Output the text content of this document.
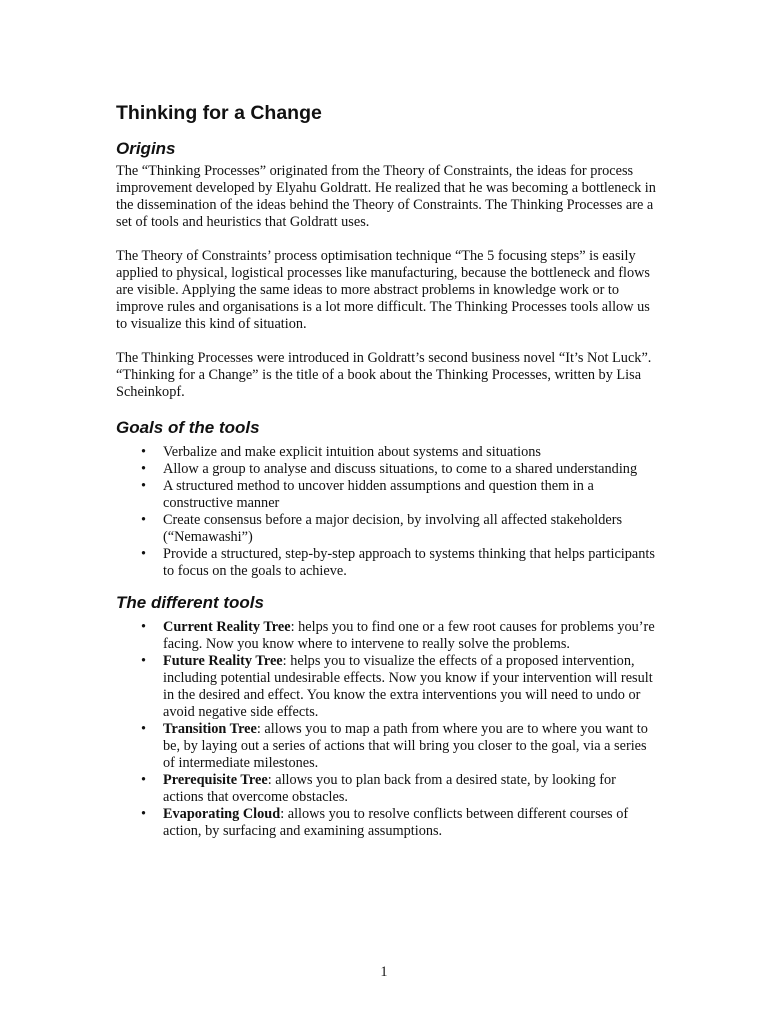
Thinking for a Change
Origins

The “Thinking Processes” originated from the Theory of Constraints, the ideas for process improvement developed by Elyahu Goldratt. He realized that he was becoming a bottleneck in the dissemination of the ideas behind the Theory of Constraints. The Thinking Processes are a set of tools and heuristics that Goldratt uses.

The Theory of Constraints’ process optimisation technique “The 5 focusing steps” is easily applied to physical, logistical processes like manufacturing, because the bottleneck and flows are visible. Applying the same ideas to more abstract problems in knowledge work or to improve rules and organisations is a lot more difficult. The Thinking Processes tools allow us to visualize this kind of situation.

The Thinking Processes were introduced in Goldratt’s second business novel “It’s Not Luck”. “Thinking for a Change” is the title of a book about the Thinking Processes, written by Lisa Scheinkopf.

Goals of the tools
• Verbalize and make explicit intuition about systems and situations
• Allow a group to analyse and discuss situations, to come to a shared understanding
• A structured method to uncover hidden assumptions and question them in a constructive manner
• Create consensus before a major decision, by involving all affected stakeholders (“Nemawashi”)
• Provide a structured, step-by-step approach to systems thinking that helps participants to focus on the goals to achieve.
The different tools
• Current Reality Tree: helps you to find one or a few root causes for problems you’re facing. Now you know where to intervene to really solve the problems.
• Future Reality Tree: helps you to visualize the effects of a proposed intervention, including potential undesirable effects. Now you know if your intervention will result in the desired and effect. You know the extra interventions you will need to undo or avoid negative side effects.
• Transition Tree: allows you to map a path from where you are to where you want to be, by laying out a series of actions that will bring you closer to the goal, via a series of intermediate milestones.
• Prerequisite Tree: allows you to plan back from a desired state, by looking for actions that overcome obstacles.
• Evaporating Cloud: allows you to resolve conflicts between different courses of action, by surfacing and examining assumptions.
1
